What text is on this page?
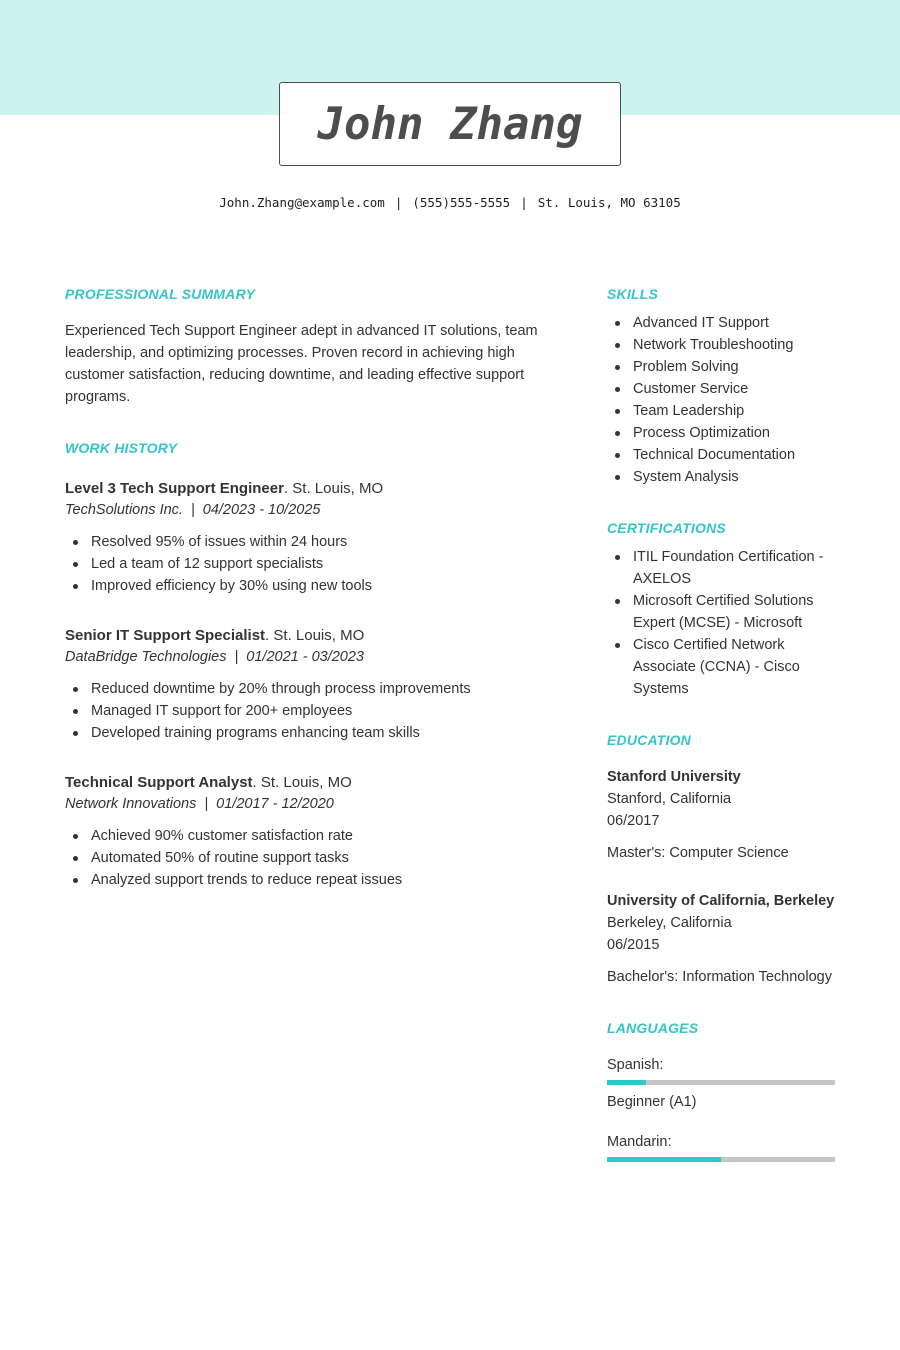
John Zhang
John.Zhang@example.com | (555)555-5555 | St. Louis, MO 63105
PROFESSIONAL SUMMARY

Experienced Tech Support Engineer adept in advanced IT solutions, team leadership, and optimizing processes. Proven record in achieving high customer satisfaction, reducing downtime, and leading effective support programs.

WORK HISTORY
Level 3 Tech Support Engineer. St. Louis, MO
TechSolutions Inc. | 04/2023 - 10/2025
Resolved 95% of issues within 24 hours
Led a team of 12 support specialists
Improved efficiency by 30% using new tools
Senior IT Support Specialist. St. Louis, MO
DataBridge Technologies | 01/2021 - 03/2023
Reduced downtime by 20% through process improvements
Managed IT support for 200+ employees
Developed training programs enhancing team skills
Technical Support Analyst. St. Louis, MO
Network Innovations | 01/2017 - 12/2020
Achieved 90% customer satisfaction rate
Automated 50% of routine support tasks
Analyzed support trends to reduce repeat issues
SKILLS
Advanced IT Support
Network Troubleshooting
Problem Solving
Customer Service
Team Leadership
Process Optimization
Technical Documentation
System Analysis
CERTIFICATIONS
ITIL Foundation Certification - AXELOS
Microsoft Certified Solutions Expert (MCSE) - Microsoft
Cisco Certified Network Associate (CCNA) - Cisco Systems
EDUCATION
Stanford University
Stanford, California
06/2017
Master's: Computer Science
University of California, Berkeley
Berkeley, California
06/2015
Bachelor's: Information Technology
LANGUAGES
Spanish:
Beginner (A1)
Mandarin:
